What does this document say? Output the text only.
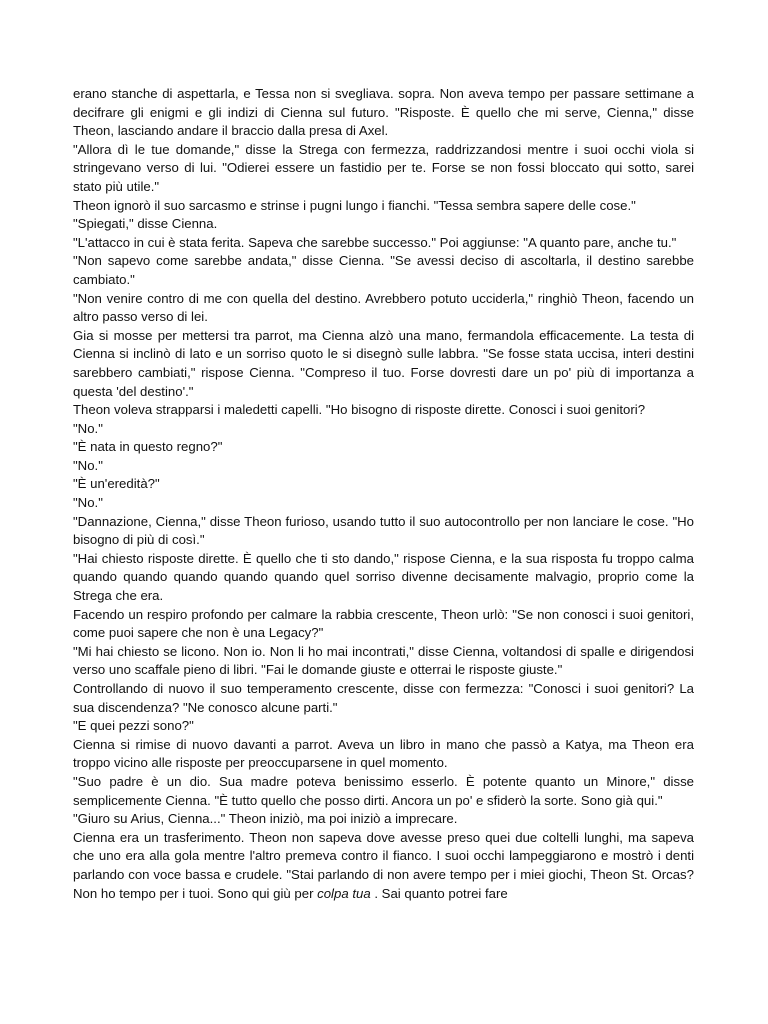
erano stanche di aspettarla, e Tessa non si svegliava. sopra. Non aveva tempo per passare settimane a decifrare gli enigmi e gli indizi di Cienna sul futuro. "Risposte. È quello che mi serve, Cienna," disse Theon, lasciando andare il braccio dalla presa di Axel.

"Allora dì le tue domande," disse la Strega con fermezza, raddrizzandosi mentre i suoi occhi viola si stringevano verso di lui. "Odierei essere un fastidio per te. Forse se non fossi bloccato qui sotto, sarei stato più utile."

Theon ignorò il suo sarcasmo e strinse i pugni lungo i fianchi. "Tessa sembra sapere delle cose."

"Spiegati," disse Cienna.

"L'attacco in cui è stata ferita. Sapeva che sarebbe successo." Poi aggiunse: "A quanto pare, anche tu."

"Non sapevo come sarebbe andata," disse Cienna. "Se avessi deciso di ascoltarla, il destino sarebbe cambiato."

"Non venire contro di me con quella del destino. Avrebbero potuto ucciderla," ringhiò Theon, facendo un altro passo verso di lei.

Gia si mosse per mettersi tra parrot, ma Cienna alzò una mano, fermandola efficacemente. La testa di Cienna si inclinò di lato e un sorriso quoto le si disegnò sulle labbra. "Se fosse stata uccisa, interi destini sarebbero cambiati," rispose Cienna. "Compreso il tuo. Forse dovresti dare un po' più di importanza a questa 'del destino'."

Theon voleva strapparsi i maledetti capelli. "Ho bisogno di risposte dirette. Conosci i suoi genitori?

"No."

"È nata in questo regno?"

"No."

"È un'eredità?"

"No."

"Dannazione, Cienna," disse Theon furioso, usando tutto il suo autocontrollo per non lanciare le cose. "Ho bisogno di più di così."

"Hai chiesto risposte dirette. È quello che ti sto dando," rispose Cienna, e la sua risposta fu troppo calma quando quando quando quando quando quel sorriso divenne decisamente malvagio, proprio come la Strega che era.

Facendo un respiro profondo per calmare la rabbia crescente, Theon urlò: "Se non conosci i suoi genitori, come puoi sapere che non è una Legacy?"

"Mi hai chiesto se licono. Non io. Non li ho mai incontrati," disse Cienna, voltandosi di spalle e dirigendosi verso uno scaffale pieno di libri. "Fai le domande giuste e otterrai le risposte giuste."

Controllando di nuovo il suo temperamento crescente, disse con fermezza: "Conosci i suoi genitori? La sua discendenza? "Ne conosco alcune parti."

"E quei pezzi sono?"

Cienna si rimise di nuovo davanti a parrot. Aveva un libro in mano che passò a Katya, ma Theon era troppo vicino alle risposte per preoccuparsene in quel momento.

"Suo padre è un dio. Sua madre poteva benissimo esserlo. È potente quanto un Minore," disse semplicemente Cienna. "È tutto quello che posso dirti. Ancora un po' e sfiderò la sorte. Sono già qui."

"Giuro su Arius, Cienna..." Theon iniziò, ma poi iniziò a imprecare.

Cienna era un trasferimento. Theon non sapeva dove avesse preso quei due coltelli lunghi, ma sapeva che uno era alla gola mentre l'altro premeva contro il fianco. I suoi occhi lampeggiarono e mostrò i denti parlando con voce bassa e crudele. "Stai parlando di non avere tempo per i miei giochi, Theon St. Orcas? Non ho tempo per i tuoi. Sono qui giù per colpa tua . Sai quanto potrei fare
